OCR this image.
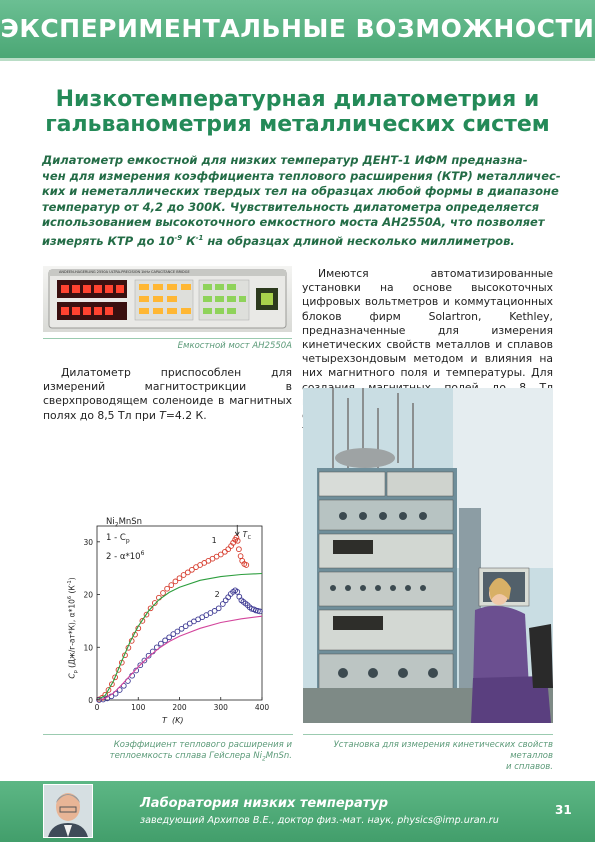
ЭКСПЕРИМЕНТАЛЬНЫЕ ВОЗМОЖНОСТИ
Низкотемпературная дилатометрия и
гальванометрия металлических систем
Дилатометр емкостной для низких температур ДЕНТ-1 ИФМ предназна-
чен для измерения коэффициента теплового расширения (КТР) металличес-
ких и неметаллических твердых тел на образцах любой формы в диапазоне
температур от 4,2 до 300К. Чувствительность дилатометра определяется
использованием высокоточного емкостного моста АН2550А, что позволяет
измерять КТР до $10^{-9}$ $К^{-1}$ на образцах длиной несколько миллиметров.
ANDEEN-HAGERLING 2550A ULTRA-PRECISION 1kHz CAPACITANCE BRIDGE
Емкостной мост АН2550А
Дилатометр приспособлен для измерений магнитострикции в сверхпроводящем соленоиде в магнитных полях до 8,5 Тл при T=4.2 К.
Имеются автоматизированные установки на основе высокоточных цифровых вольтметров и коммутационных блоков фирм Solartron, Kethley, предназначенные для измерения кинетических свойств металлов и сплавов четырехзондовым методом и влияния на них магнитного поля и температуры. Для
0	100	200	300	400
0
10
20
30	1
2
T C
$Ni_2MnSn$
$1 - C_p$
$2 - \alpha*10^6$
$C_p$ (Дж/г-ат*К), $\alpha*10^6$ $(К^{-1})$
T  (K)
Коэффициент теплового расширения и
теплоемкость сплава Гейслера $Ni_2MnSn$.
Установка для измерения кинетических свойств металлов
и сплавов.
Лаборатория низких температур
заведующий Архипов В.Е., доктор физ.-мат. наук, physics@imp.uran.ru
31
